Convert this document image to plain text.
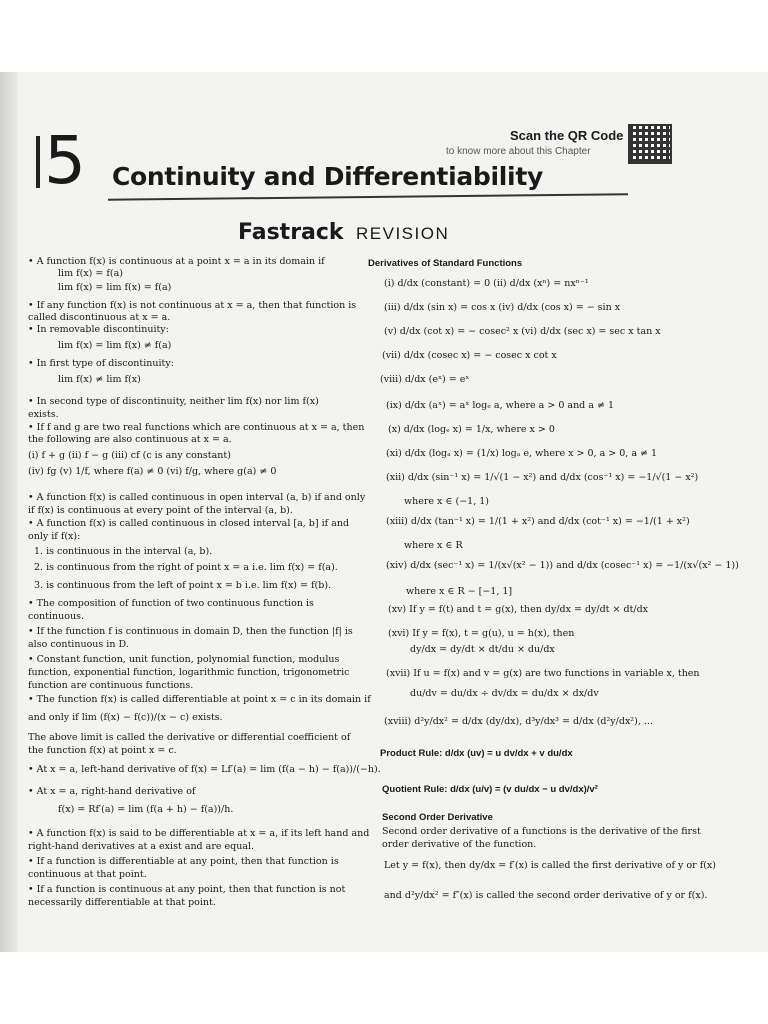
5 Continuity and Differentiability
Scan the QR Code
to know more about this Chapter
Fastrack REVISION
• A function f(x) is continuous at a point x = a in its domain if
lim f(x) = f(a)
lim f(x) = lim f(x) = f(a)
• If any function f(x) is not continuous at x = a, then that function is
called discontinuous at x = a.
• In removable discontinuity:
lim f(x) = lim f(x) ≠ f(a)
• In first type of discontinuity:
lim f(x) ≠ lim f(x)
• In second type of discontinuity, neither lim f(x) nor lim f(x)
exists.
• If f and g are two real functions which are continuous at x = a, then
the following are also continuous at x = a.
(i) f + g (ii) f − g (iii) cf (c is any constant)
(iv) fg (v) 1/f, where f(a) ≠ 0 (vi) f/g, where g(a) ≠ 0
• A function f(x) is called continuous in open interval (a, b) if and only
if f(x) is continuous at every point of the interval (a, b).
• A function f(x) is called continuous in closed interval [a, b] if and
only if f(x):
1. is continuous in the interval (a, b).
2. is continuous from the right of point x = a i.e. lim f(x) = f(a).
3. is continuous from the left of point x = b i.e. lim f(x) = f(b).
• The composition of function of two continuous function is
continuous.
• If the function f is continuous in domain D, then the function |f| is
also continuous in D.
• Constant function, unit function, polynomial function, modulus
function, exponential function, logarithmic function, trigonometric
function are continuous functions.
• The function f(x) is called differentiable at point x = c in its domain if
and only if lim (f(x) − f(c))/(x − c) exists.
The above limit is called the derivative or differential coefficient of
the function f(x) at point x = c.
• At x = a, left-hand derivative of f(x) = Lf′(a) = lim (f(a − h) − f(a))/(−h).
• At x = a, right-hand derivative of
f(x) = Rf′(a) = lim (f(a + h) − f(a))/h.
• A function f(x) is said to be differentiable at x = a, if its left hand and
right-hand derivatives at a exist and are equal.
• If a function is differentiable at any point, then that function is
continuous at that point.
• If a function is continuous at any point, then that function is not
necessarily differentiable at that point.
Derivatives of Standard Functions
(i) d/dx (constant) = 0 (ii) d/dx (xⁿ) = nxⁿ⁻¹
(iii) d/dx (sin x) = cos x (iv) d/dx (cos x) = − sin x
(v) d/dx (cot x) = − cosec² x (vi) d/dx (sec x) = sec x tan x
(vii) d/dx (cosec x) = − cosec x cot x
(viii) d/dx (eˣ) = eˣ
(ix) d/dx (aˣ) = aˣ logₑ a, where a > 0 and a ≠ 1
(x) d/dx (logₑ x) = 1/x, where x > 0
(xi) d/dx (logₐ x) = (1/x) logₐ e, where x > 0, a > 0, a ≠ 1
(xii) d/dx (sin⁻¹ x) = 1/√(1 − x²) and d/dx (cos⁻¹ x) = −1/√(1 − x²)
where x ∈ (−1, 1)
(xiii) d/dx (tan⁻¹ x) = 1/(1 + x²) and d/dx (cot⁻¹ x) = −1/(1 + x²)
where x ∈ R
(xiv) d/dx (sec⁻¹ x) = 1/(x√(x² − 1)) and d/dx (cosec⁻¹ x) = −1/(x√(x² − 1))
where x ∈ R − [−1, 1]
(xv) If y = f(t) and t = g(x), then dy/dx = dy/dt × dt/dx
(xvi) If y = f(x), t = g(u), u = h(x), then
dy/dx = dy/dt × dt/du × du/dx
(xvii) If u = f(x) and v = g(x) are two functions in variable x, then
du/dv = du/dx ÷ dv/dx = du/dx × dx/dv
(xviii) d²y/dx² = d/dx (dy/dx), d³y/dx³ = d/dx (d²y/dx²), ...
Product Rule: d/dx (uv) = u dv/dx + v du/dx
Quotient Rule: d/dx (u/v) = (v du/dx − u dv/dx)/v²
Second Order Derivative
Second order derivative of a functions is the derivative of the first
order derivative of the function.
Let y = f(x), then dy/dx = f′(x) is called the first derivative of y or f(x)
and d²y/dx² = f″(x) is called the second order derivative of y or f(x).
